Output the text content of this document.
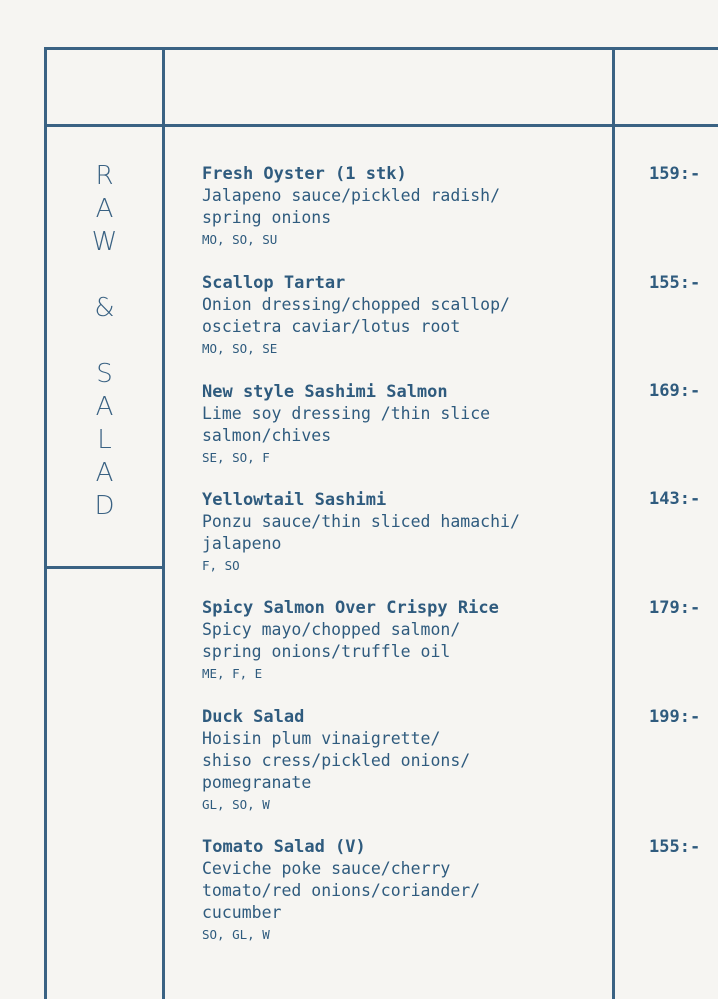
R
A
W
&
S
A
L
A
D
Fresh Oyster (1 stk)
Jalapeno sauce/pickled radish/
spring onions
MO, SO, SU
Scallop Tartar
Onion dressing/chopped scallop/
oscietra caviar/lotus root
MO, SO, SE
New style Sashimi Salmon
Lime soy dressing /thin slice
salmon/chives
SE, SO, F
Yellowtail Sashimi
Ponzu sauce/thin sliced hamachi/
jalapeno
F, SO
Spicy Salmon Over Crispy Rice
Spicy mayo/chopped salmon/
spring onions/truffle oil
ME, F, E
Duck Salad
Hoisin plum vinaigrette/
shiso cress/pickled onions/
pomegranate
GL, SO, W
Tomato Salad (V)
Ceviche poke sauce/cherry
tomato/red onions/coriander/
cucumber
SO, GL, W
159:-
155:-
169:-
143:-
179:-
199:-
155:-
